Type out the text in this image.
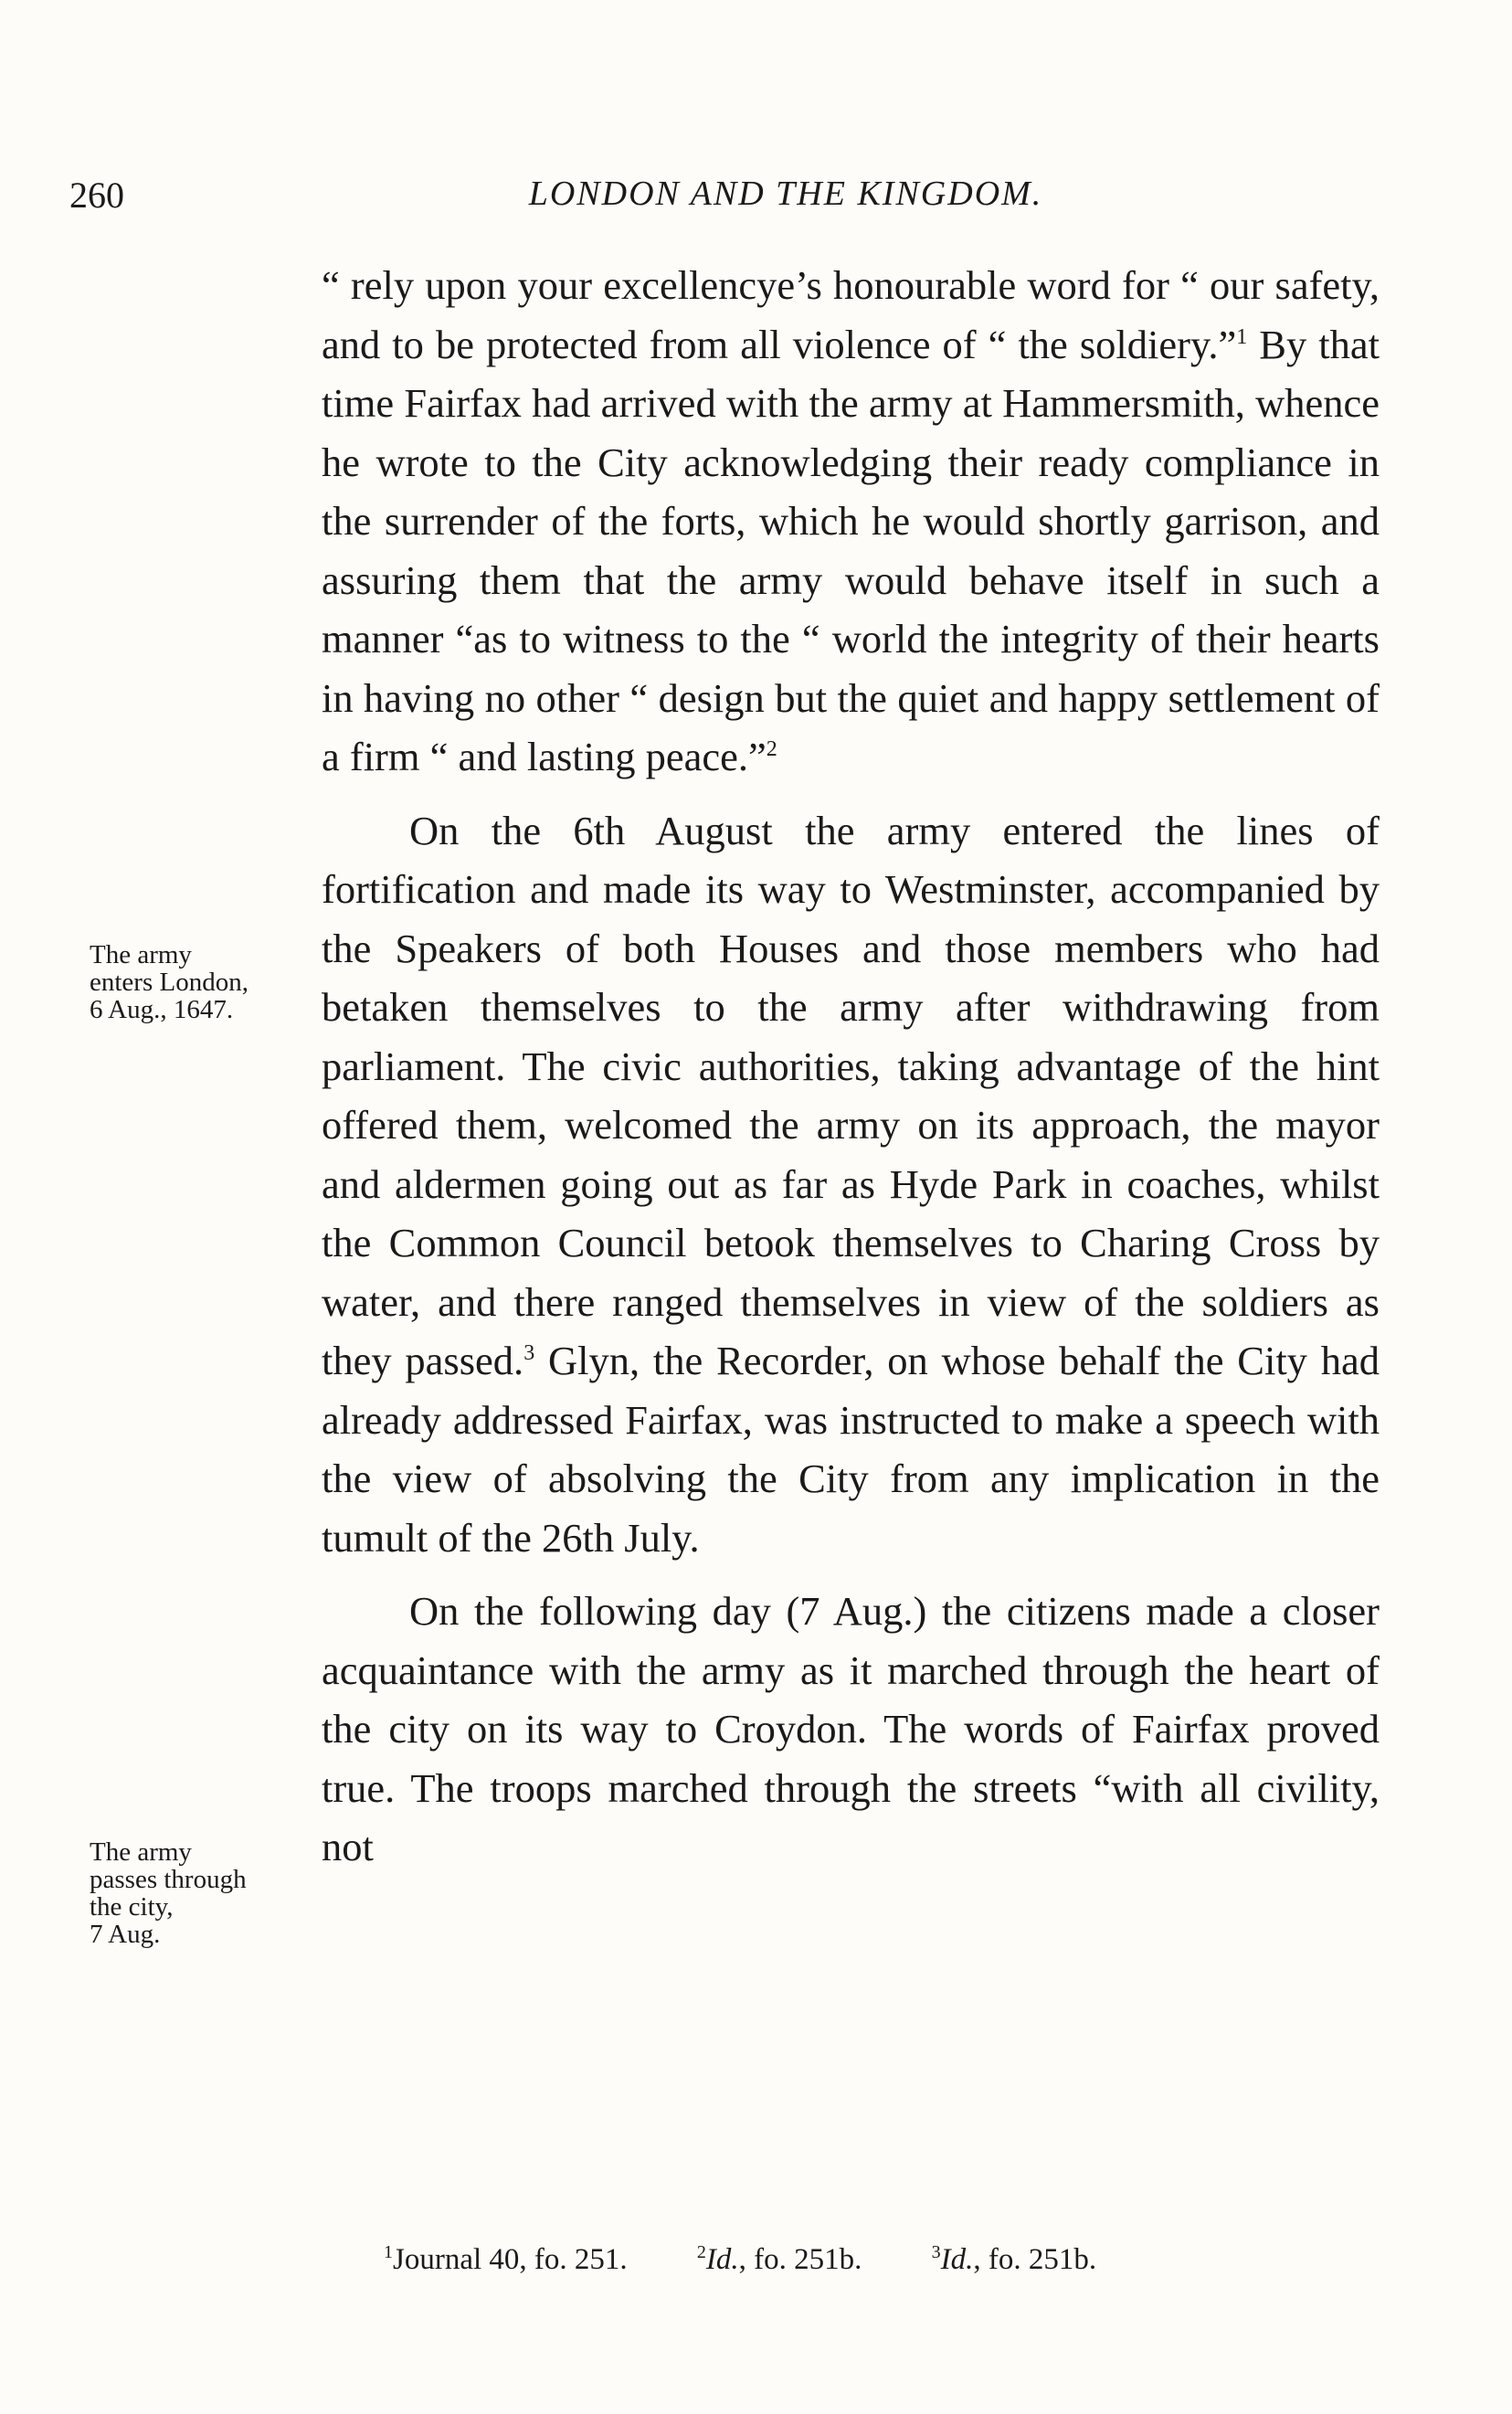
260	LONDON AND THE KINGDOM.

“ rely upon your excellencye’s honourable word for “ our safety, and to be protected from all violence of “ the soldiery.”$^1$ By that time Fairfax had arrived with the army at Hammersmith, whence he wrote to the City acknowledging their ready compliance in the surrender of the forts, which he would shortly garrison, and assuring them that the army would behave itself in such a manner “as to witness to the “ world the integrity of their hearts in having no other “ design but the quiet and happy settlement of a firm “ and lasting peace.”$^2$

On the 6th August the army entered the lines of fortification and made its way to Westminster, accompanied by the Speakers of both Houses and those members who had betaken themselves to the army after withdrawing from parliament. The civic authorities, taking advantage of the hint offered them, welcomed the army on its approach, the mayor and aldermen going out as far as Hyde Park in coaches, whilst the Common Council betook themselves to Charing Cross by water, and there ranged themselves in view of the soldiers as they passed.$^3$ Glyn, the Recorder, on whose behalf the City had already addressed Fairfax, was instructed to make a speech with the view of absolving the City from any implication in the tumult of the 26th July.

On the following day (7 Aug.) the citizens made a closer acquaintance with the army as it marched through the heart of the city on its way to Croydon. The words of Fairfax proved true. The troops marched through the streets “with all civility, not

The army
enters London,
6 Aug., 1647.
The army
passes through
the city,
7 Aug.
$^1$Journal 40, fo. 251.	$^2$Id., fo. 251b.	$^3$Id., fo. 251b.
